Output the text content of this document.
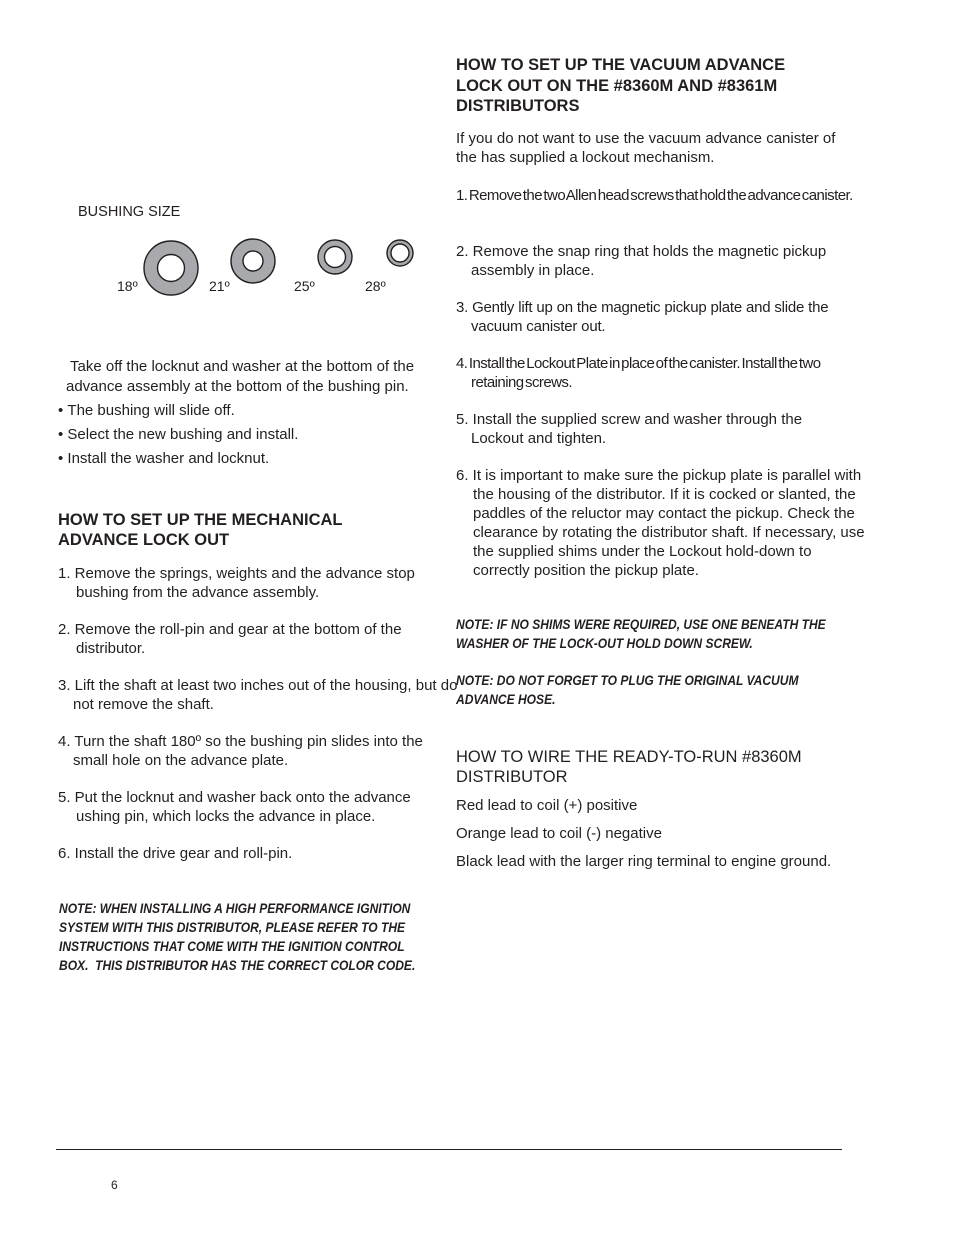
BUSHING SIZE
18º	21º	25º	28º
Take off the locknut and washer at the bottom of the advance assembly at the bottom of the bushing pin.
• The bushing will slide off.
• Select the new bushing and install.
• Install the washer and locknut.
HOW TO SET UP THE MECHANICAL
ADVANCE LOCK OUT
1. Remove the springs, weights and the advance stop bushing from the advance assembly.
2. Remove the roll-pin and gear at the bottom of the distributor.
3. Lift the shaft at least two inches out of the housing, but do not remove the shaft.
4. Turn the shaft 180º so the bushing pin slides into the small hole on the advance plate.
5. Put the locknut and washer back onto the advance ushing pin, which locks the advance in place.
6. Install the drive gear and roll-pin.
NOTE: WHEN INSTALLING A HIGH PERFORMANCE IGNITION
SYSTEM WITH THIS DISTRIBUTOR, PLEASE REFER TO THE
INSTRUCTIONS THAT COME WITH THE IGNITION CONTROL
BOX.  THIS DISTRIBUTOR HAS THE CORRECT COLOR CODE.
HOW TO SET UP THE VACUUM ADVANCE
LOCK OUT ON THE #8360M AND #8361M
DISTRIBUTORS
If you do not want to use the vacuum advance canister of the has supplied a lockout mechanism.
1. Remove the two Allen head screws that hold the advance canister.
2. Remove the snap ring that holds the magnetic pickup assembly in place.
3. Gently lift up on the magnetic pickup plate and slide the vacuum canister out.
4. Install the Lockout Plate in place of the canister. Install the two retaining screws.
5. Install the supplied screw and washer through the Lockout and tighten.
6. It is important to make sure the pickup plate is parallel with the housing of the distributor. If it is cocked or slanted, the paddles of the reluctor may contact the pickup. Check the clearance by rotating the distributor shaft. If necessary, use the supplied shims under the Lockout hold-down to correctly position the pickup plate.
NOTE: IF NO SHIMS WERE REQUIRED, USE ONE BENEATH THE
WASHER OF THE LOCK-OUT HOLD DOWN SCREW.
NOTE: DO NOT FORGET TO PLUG THE ORIGINAL VACUUM
ADVANCE HOSE.
HOW TO WIRE THE READY-TO-RUN #8360M
DISTRIBUTOR
Red lead to coil (+) positive
Orange lead to coil (-) negative
Black lead with the larger ring terminal to engine ground.
6
